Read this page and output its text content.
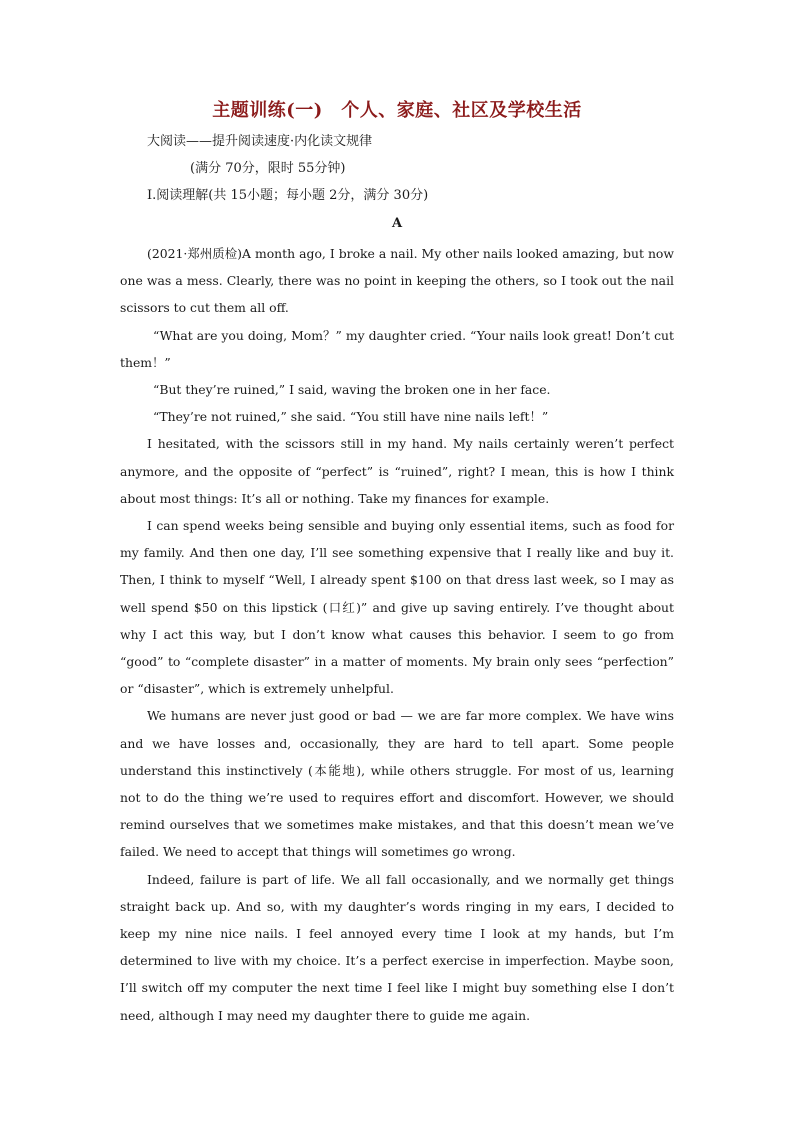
主题训练(一)　个人、家庭、社区及学校生活
大阅读——提升阅读速度·内化读文规律
(满分 70分，限时 55分钟)
Ⅰ.阅读理解(共 15小题；每小题 2分，满分 30分)
A

(2021·郑州质检)A month ago, I broke a nail. My other nails looked amazing, but now one was a mess. Clearly, there was no point in keeping the others, so I took out the nail scissors to cut them all off.

“What are you doing, Mom？” my daughter cried. “Your nails look great! Don’t cut them！”

“But they’re ruined,” I said, waving the broken one in her face.

“They’re not ruined,” she said. “You still have nine nails left！”

I hesitated, with the scissors still in my hand. My nails certainly weren’t perfect anymore, and the opposite of “perfect” is “ruined”, right? I mean, this is how I think about most things: It’s all or nothing. Take my finances for example.

I can spend weeks being sensible and buying only essential items, such as food for my family. And then one day, I’ll see something expensive that I really like and buy it. Then, I think to myself “Well, I already spent $100 on that dress last week, so I may as well spend $50 on this lipstick (口红)” and give up saving entirely. I’ve thought about why I act this way, but I don’t know what causes this behavior. I seem to go from “good” to “complete disaster” in a matter of moments. My brain only sees “perfection” or “disaster”, which is extremely unhelpful.

We humans are never just good or bad — we are far more complex. We have wins and we have losses and, occasionally, they are hard to tell apart. Some people understand this instinctively (本能地), while others struggle. For most of us, learning not to do the thing we’re used to requires effort and discomfort. However, we should remind ourselves that we sometimes make mistakes, and that this doesn’t mean we’ve failed. We need to accept that things will sometimes go wrong.

Indeed, failure is part of life. We all fall occasionally, and we normally get things straight back up. And so, with my daughter’s words ringing in my ears, I decided to keep my nine nice nails. I feel annoyed every time I look at my hands, but I’m determined to live with my choice. It’s a perfect exercise in imperfection. Maybe soon, I’ll switch off my computer the next time I feel like I might buy something else I don’t need, although I may need my daughter there to guide me again.
